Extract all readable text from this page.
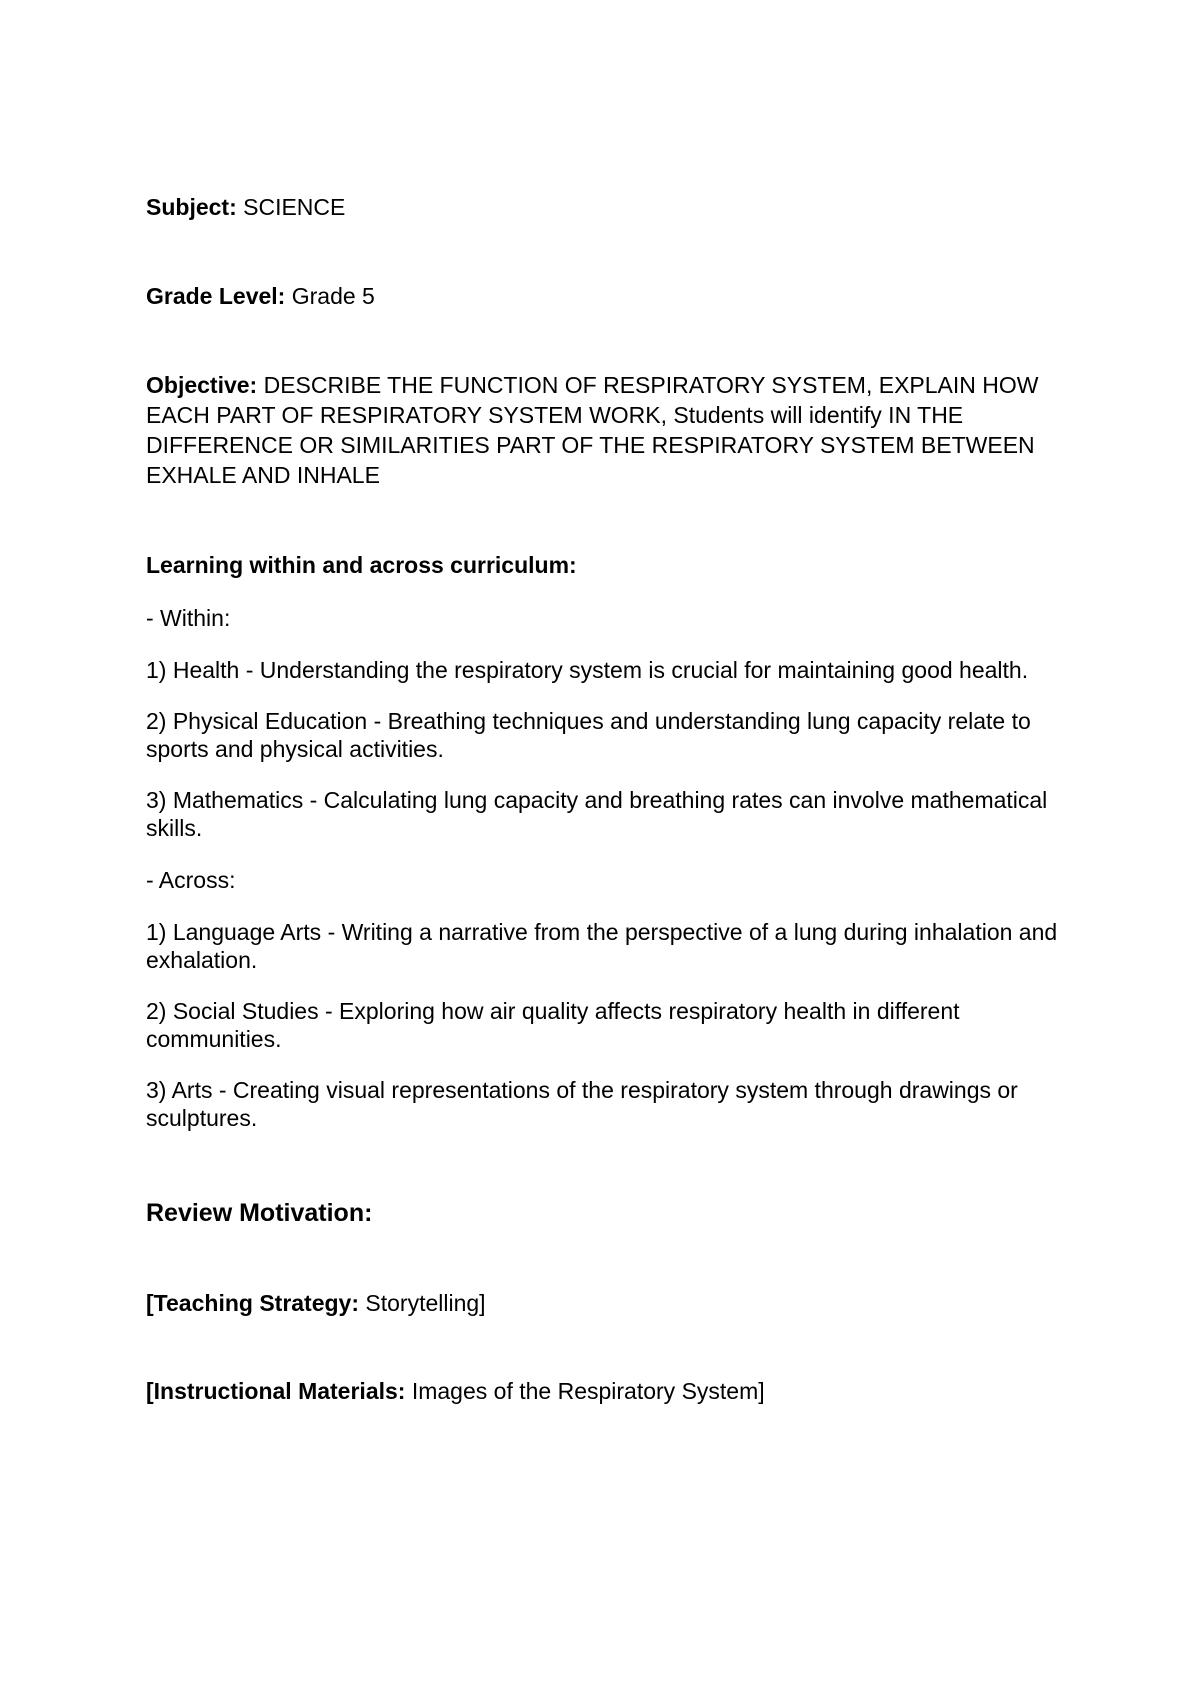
Subject: SCIENCE

Grade Level: Grade 5

Objective: DESCRIBE THE FUNCTION OF RESPIRATORY SYSTEM, EXPLAIN HOW EACH PART OF RESPIRATORY SYSTEM WORK, Students will identify IN THE DIFFERENCE OR SIMILARITIES PART OF THE RESPIRATORY SYSTEM BETWEEN EXHALE AND INHALE

Learning within and across curriculum:

- Within:

1) Health - Understanding the respiratory system is crucial for maintaining good health.

2) Physical Education - Breathing techniques and understanding lung capacity relate to sports and physical activities.

3) Mathematics - Calculating lung capacity and breathing rates can involve mathematical skills.

- Across:

1) Language Arts - Writing a narrative from the perspective of a lung during inhalation and exhalation.

2) Social Studies - Exploring how air quality affects respiratory health in different communities.

3) Arts - Creating visual representations of the respiratory system through drawings or sculptures.

Review Motivation:

[Teaching Strategy: Storytelling]

[Instructional Materials: Images of the Respiratory System]
